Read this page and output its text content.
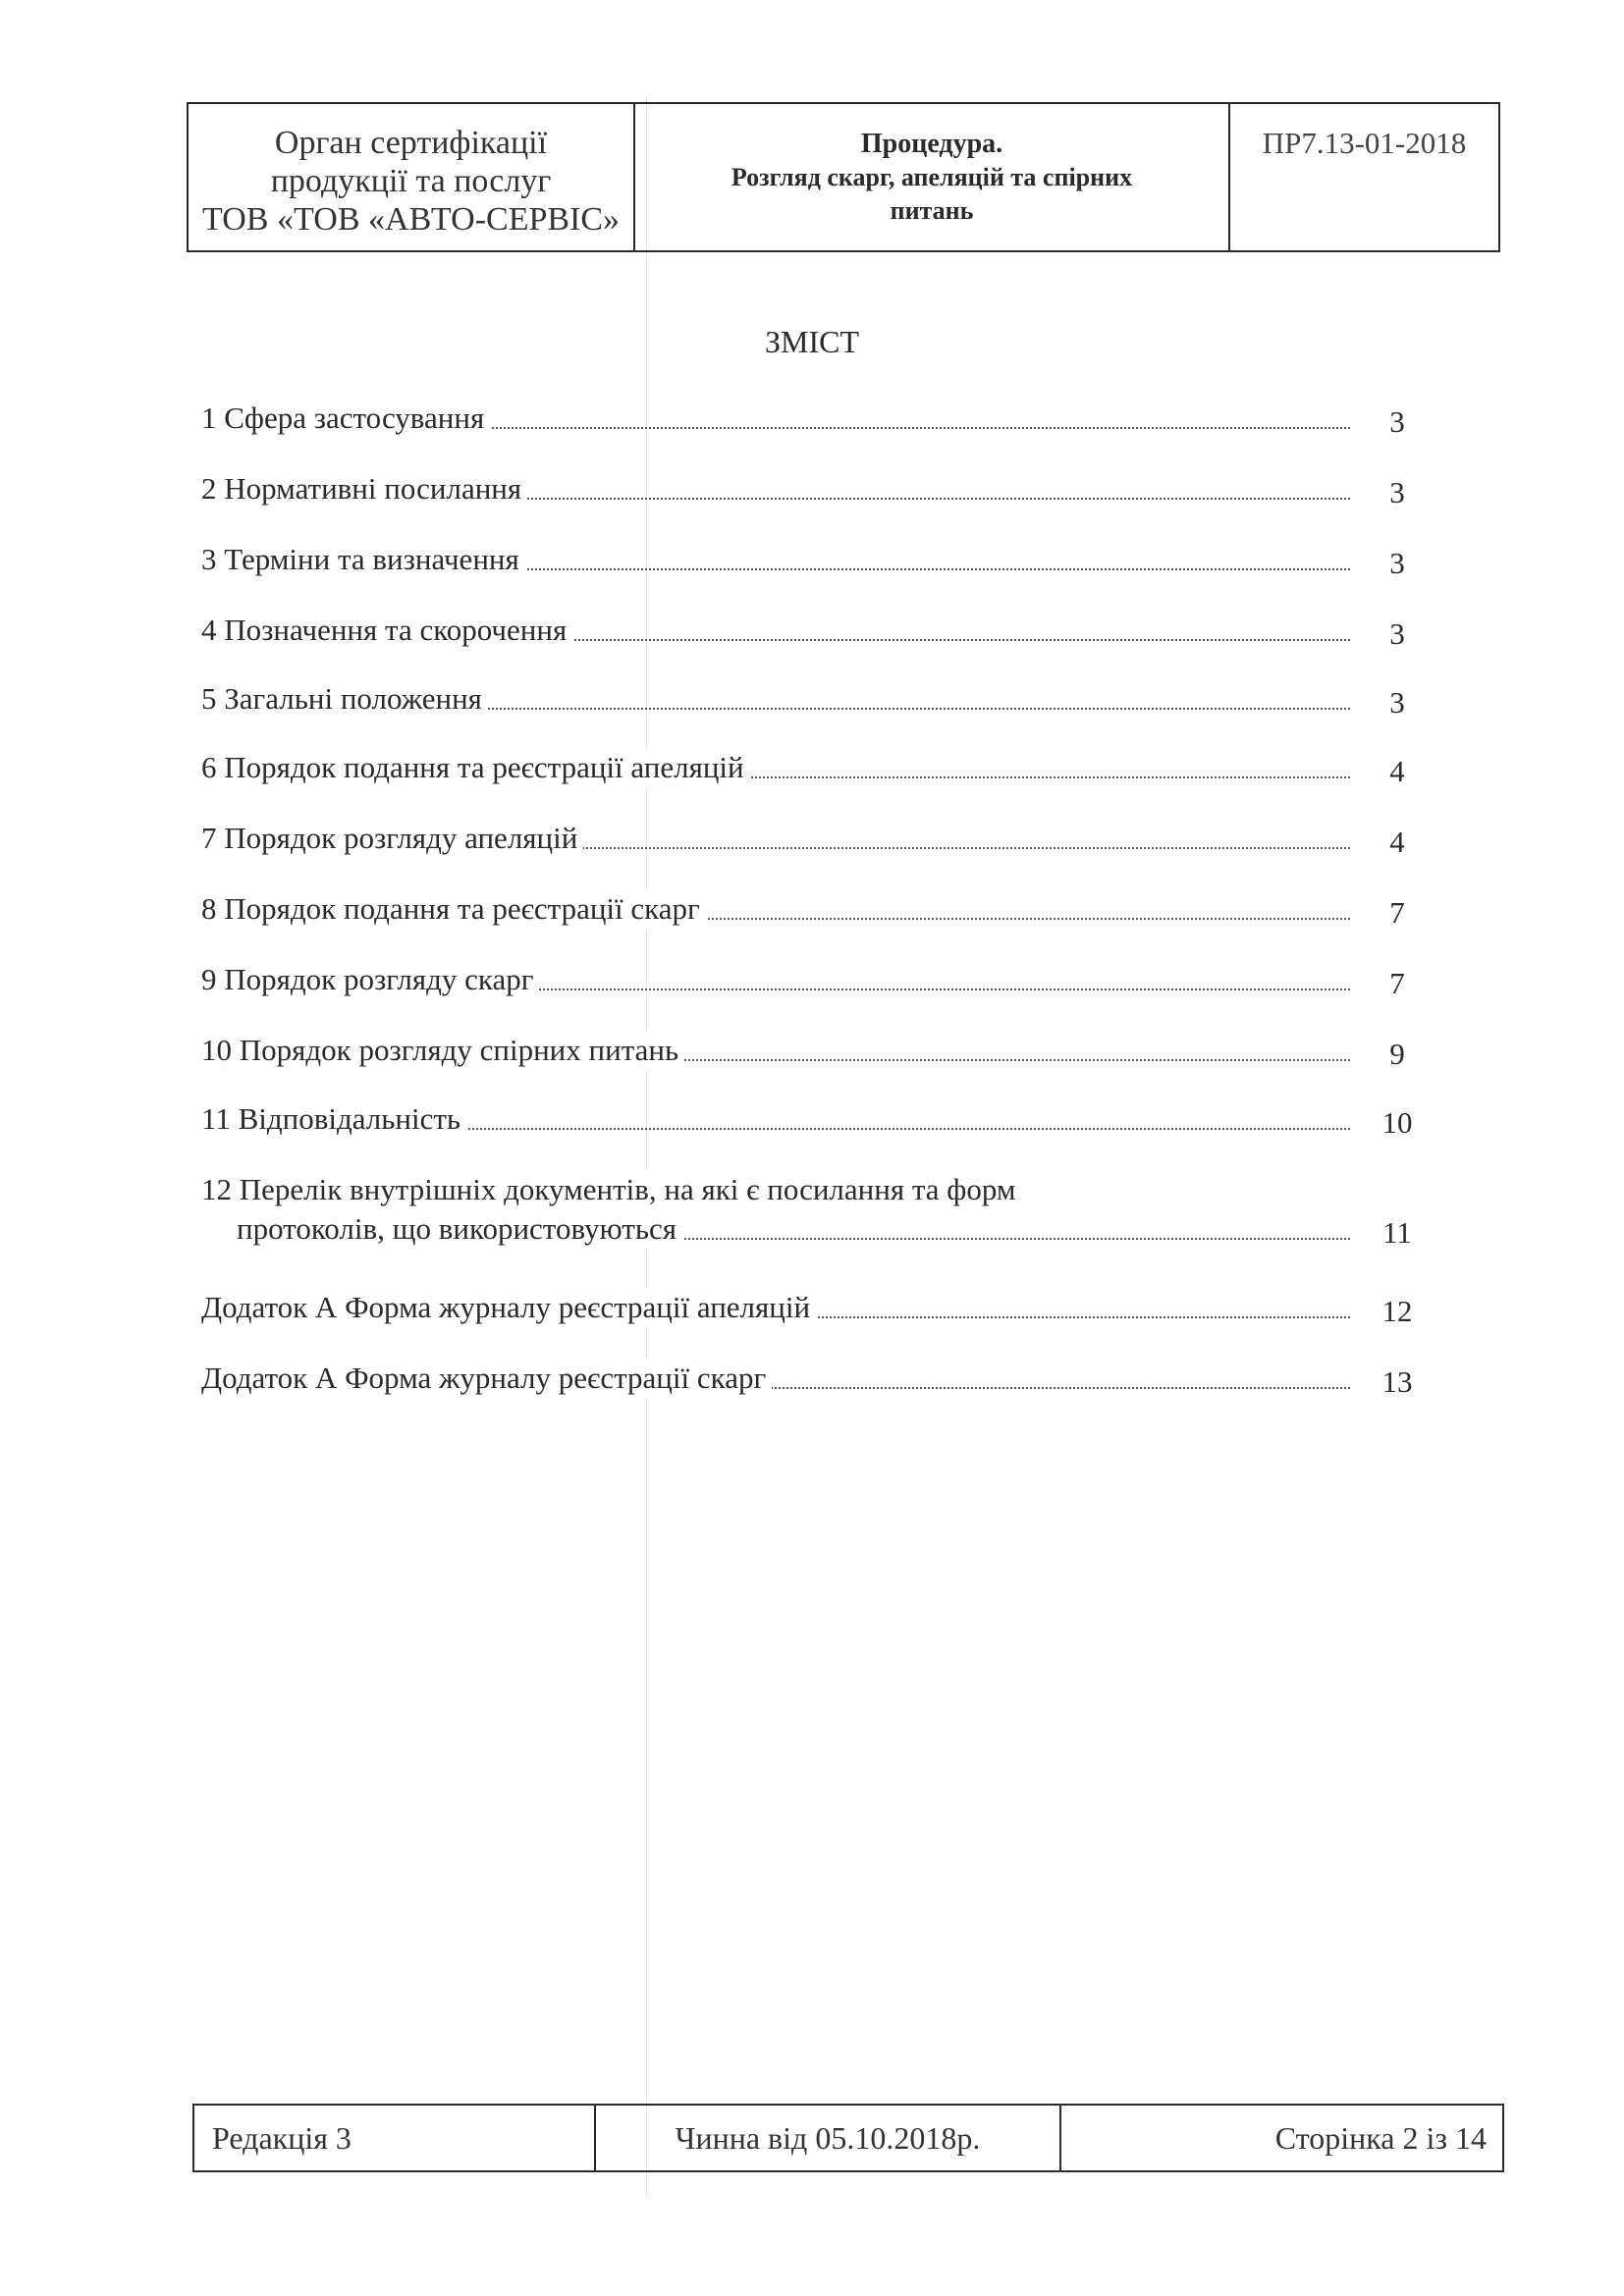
Орган сертифікації
продукції та послуг
ТОВ «ТОВ «АВТО-СЕРВІС»
Процедура.
Розгляд скарг, апеляцій та спірних
питань
ПР7.13-01-2018
ЗМІСТ
1 Сфера застосування	3
2 Нормативні посилання	3
3 Терміни та визначення	3
4 Позначення та скорочення	3
5 Загальні положення	3
6 Порядок подання та реєстрації апеляцій	4
7 Порядок розгляду апеляцій	4
8 Порядок подання та реєстрації скарг	7
9 Порядок розгляду скарг	7
10 Порядок розгляду спірних питань	9
11 Відповідальність	10
12 Перелік внутрішніх документів, на які є посилання та форм
протоколів, що використовуються	11
Додаток А Форма журналу реєстрації апеляцій	12
Додаток А Форма журналу реєстрації скарг	13
Редакція 3	Чинна від 05.10.2018р.	Сторінка 2 із 14
